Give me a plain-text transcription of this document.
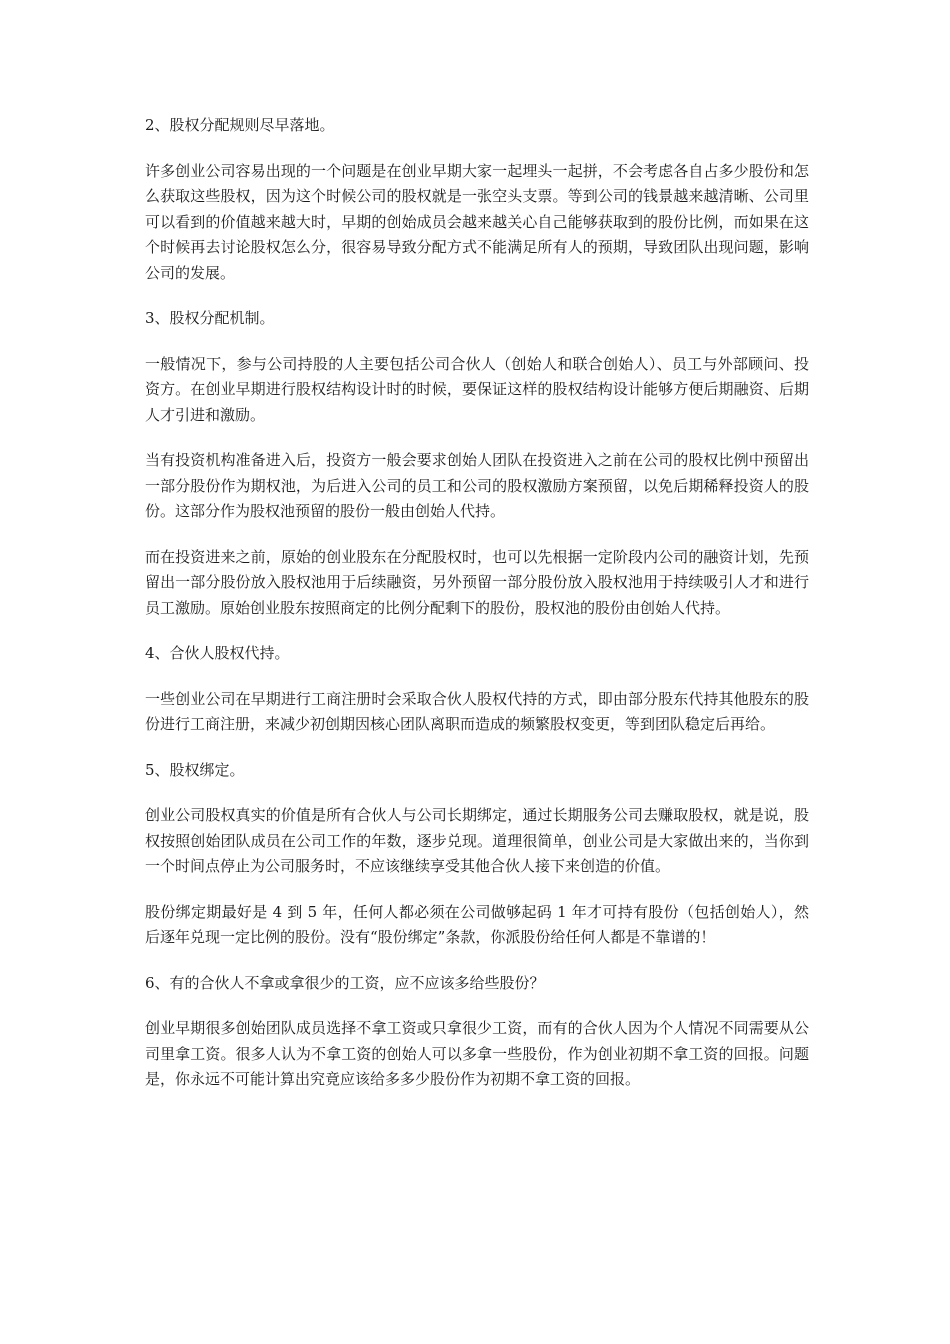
2、股权分配规则尽早落地。

许多创业公司容易出现的一个问题是在创业早期大家一起埋头一起拼，不会考虑各自占多少股份和怎么获取这些股权，因为这个时候公司的股权就是一张空头支票。等到公司的钱景越来越清晰、公司里可以看到的价值越来越大时，早期的创始成员会越来越关心自己能够获取到的股份比例，而如果在这个时候再去讨论股权怎么分，很容易导致分配方式不能满足所有人的预期，导致团队出现问题，影响公司的发展。

3、股权分配机制。

一般情况下，参与公司持股的人主要包括公司合伙人（创始人和联合创始人）、员工与外部顾问、投资方。在创业早期进行股权结构设计时的时候，要保证这样的股权结构设计能够方便后期融资、后期人才引进和激励。

当有投资机构准备进入后，投资方一般会要求创始人团队在投资进入之前在公司的股权比例中预留出一部分股份作为期权池，为后进入公司的员工和公司的股权激励方案预留，以免后期稀释投资人的股份。这部分作为股权池预留的股份一般由创始人代持。

而在投资进来之前，原始的创业股东在分配股权时，也可以先根据一定阶段内公司的融资计划，先预留出一部分股份放入股权池用于后续融资，另外预留一部分股份放入股权池用于持续吸引人才和进行员工激励。原始创业股东按照商定的比例分配剩下的股份，股权池的股份由创始人代持。

4、合伙人股权代持。

一些创业公司在早期进行工商注册时会采取合伙人股权代持的方式，即由部分股东代持其他股东的股份进行工商注册，来减少初创期因核心团队离职而造成的频繁股权变更，等到团队稳定后再给。

5、股权绑定。

创业公司股权真实的价值是所有合伙人与公司长期绑定，通过长期服务公司去赚取股权，就是说，股权按照创始团队成员在公司工作的年数，逐步兑现。道理很简单，创业公司是大家做出来的，当你到一个时间点停止为公司服务时，不应该继续享受其他合伙人接下来创造的价值。

股份绑定期最好是 4 到 5 年，任何人都必须在公司做够起码 1 年才可持有股份（包括创始人），然后逐年兑现一定比例的股份。没有“股份绑定”条款，你派股份给任何人都是不靠谱的！

6、有的合伙人不拿或拿很少的工资，应不应该多给些股份？

创业早期很多创始团队成员选择不拿工资或只拿很少工资，而有的合伙人因为个人情况不同需要从公司里拿工资。很多人认为不拿工资的创始人可以多拿一些股份，作为创业初期不拿工资的回报。问题是，你永远不可能计算出究竟应该给多多少股份作为初期不拿工资的回报。
